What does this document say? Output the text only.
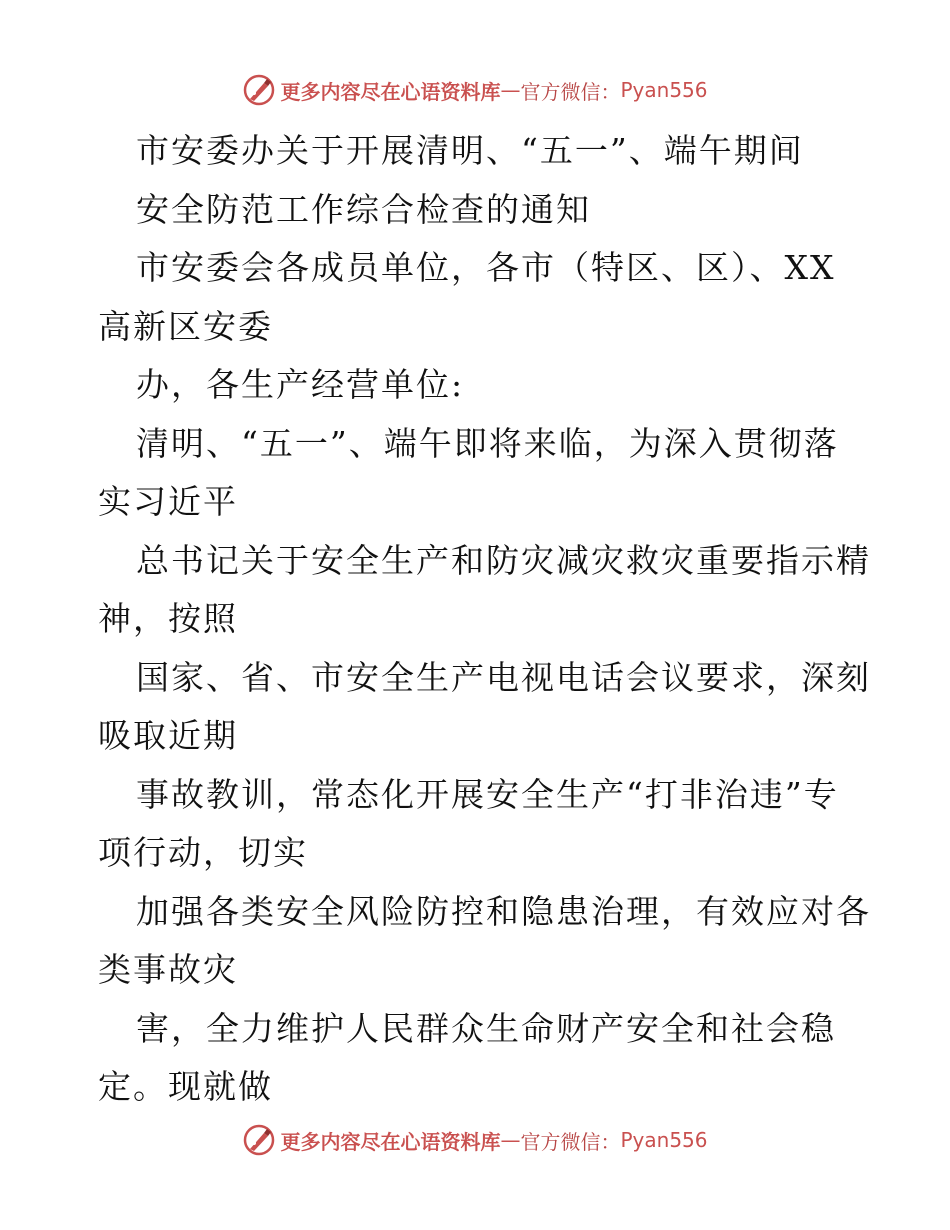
更多内容尽在心语资料库 — 官方微信： Pyan556
市安委办关于开展清明、“五一”、端午期间
安全防范工作综合检查的通知
市安委会各成员单位，各市（特区、区）、XX
高新区安委
办，各生产经营单位:
清明、“五一”、端午即将来临，为深入贯彻落
实习近平
总书记关于安全生产和防灾减灾救灾重要指示精
神，按照
国家、省、市安全生产电视电话会议要求，深刻
吸取近期
事故教训，常态化开展安全生产“打非治违”专
项行动，切实
加强各类安全风险防控和隐患治理，有效应对各
类事故灾
害，全力维护人民群众生命财产安全和社会稳
定。现就做
更多内容尽在心语资料库 — 官方微信： Pyan556
